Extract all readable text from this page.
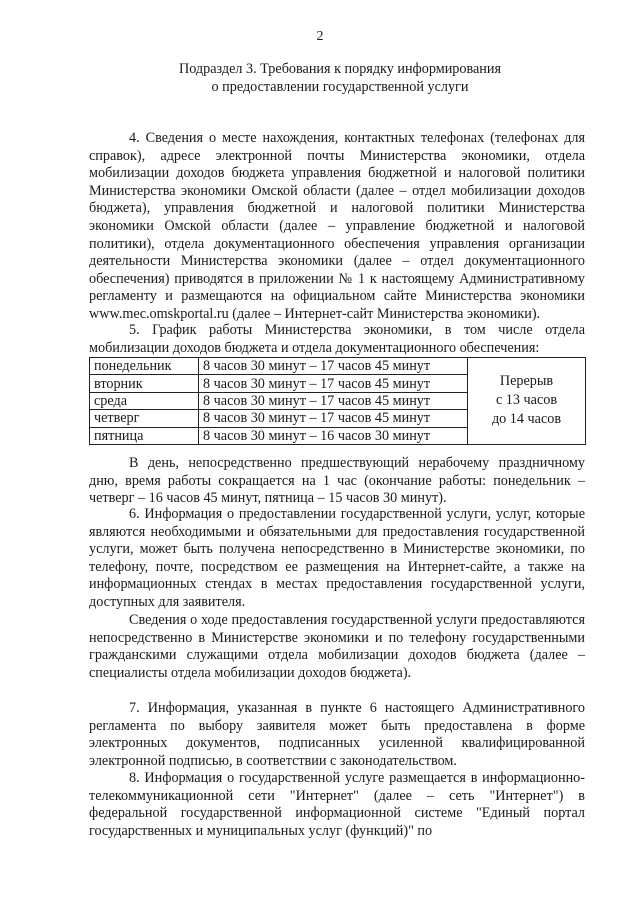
2
Подраздел 3. Требования к порядку информирования
о предоставлении государственной услуги
4. Сведения о месте нахождения, контактных телефонах (телефонах для справок), адресе электронной почты Министерства экономики, отдела мобилизации доходов бюджета управления бюджетной и налоговой политики Министерства экономики Омской области (далее – отдел мобилизации доходов бюджета), управления бюджетной и налоговой политики Министерства экономики Омской области (далее – управление бюджетной и налоговой политики), отдела документационного обеспечения управления организации деятельности Министерства экономики (далее – отдел документационного обеспечения) приводятся в приложении № 1 к настоящему Административному регламенту и размещаются на официальном сайте Министерства экономики www.mec.omskportal.ru (далее – Интернет-сайт Министерства экономики).
5. График работы Министерства экономики, в том числе отдела мобилизации доходов бюджета и отдела документационного обеспечения:
понедельник	8 часов 30 минут – 17 часов 45 минут	Перерыв
с 13 часов
до 14 часов

вторник	8 часов 30 минут – 17 часов 45 минут	
среда	8 часов 30 минут – 17 часов 45 минут	
четверг	8 часов 30 минут – 17 часов 45 минут	
пятница	8 часов 30 минут – 16 часов 30 минут	
В день, непосредственно предшествующий нерабочему праздничному дню, время работы сокращается на 1 час (окончание работы: понедельник – четверг – 16 часов 45 минут, пятница – 15 часов 30 минут).
6. Информация о предоставлении государственной услуги, услуг, которые являются необходимыми и обязательными для предоставления государственной услуги, может быть получена непосредственно в Министерстве экономики, по телефону, почте, посредством ее размещения на Интернет-сайте, а также на информационных стендах в местах предоставления государственной услуги, доступных для заявителя.
Сведения о ходе предоставления государственной услуги предоставляются непосредственно в Министерстве экономики и по телефону государственными гражданскими служащими отдела мобилизации доходов бюджета (далее – специалисты отдела мобилизации доходов бюджета).
7. Информация, указанная в пункте 6 настоящего Административного регламента по выбору заявителя может быть предоставлена в форме электронных документов, подписанных усиленной квалифицированной электронной подписью, в соответствии с законодательством.
8. Информация о государственной услуге размещается в информационно-телекоммуникационной сети "Интернет" (далее – сеть "Интернет") в федеральной государственной информационной системе "Единый портал государственных и муниципальных услуг (функций)" по
